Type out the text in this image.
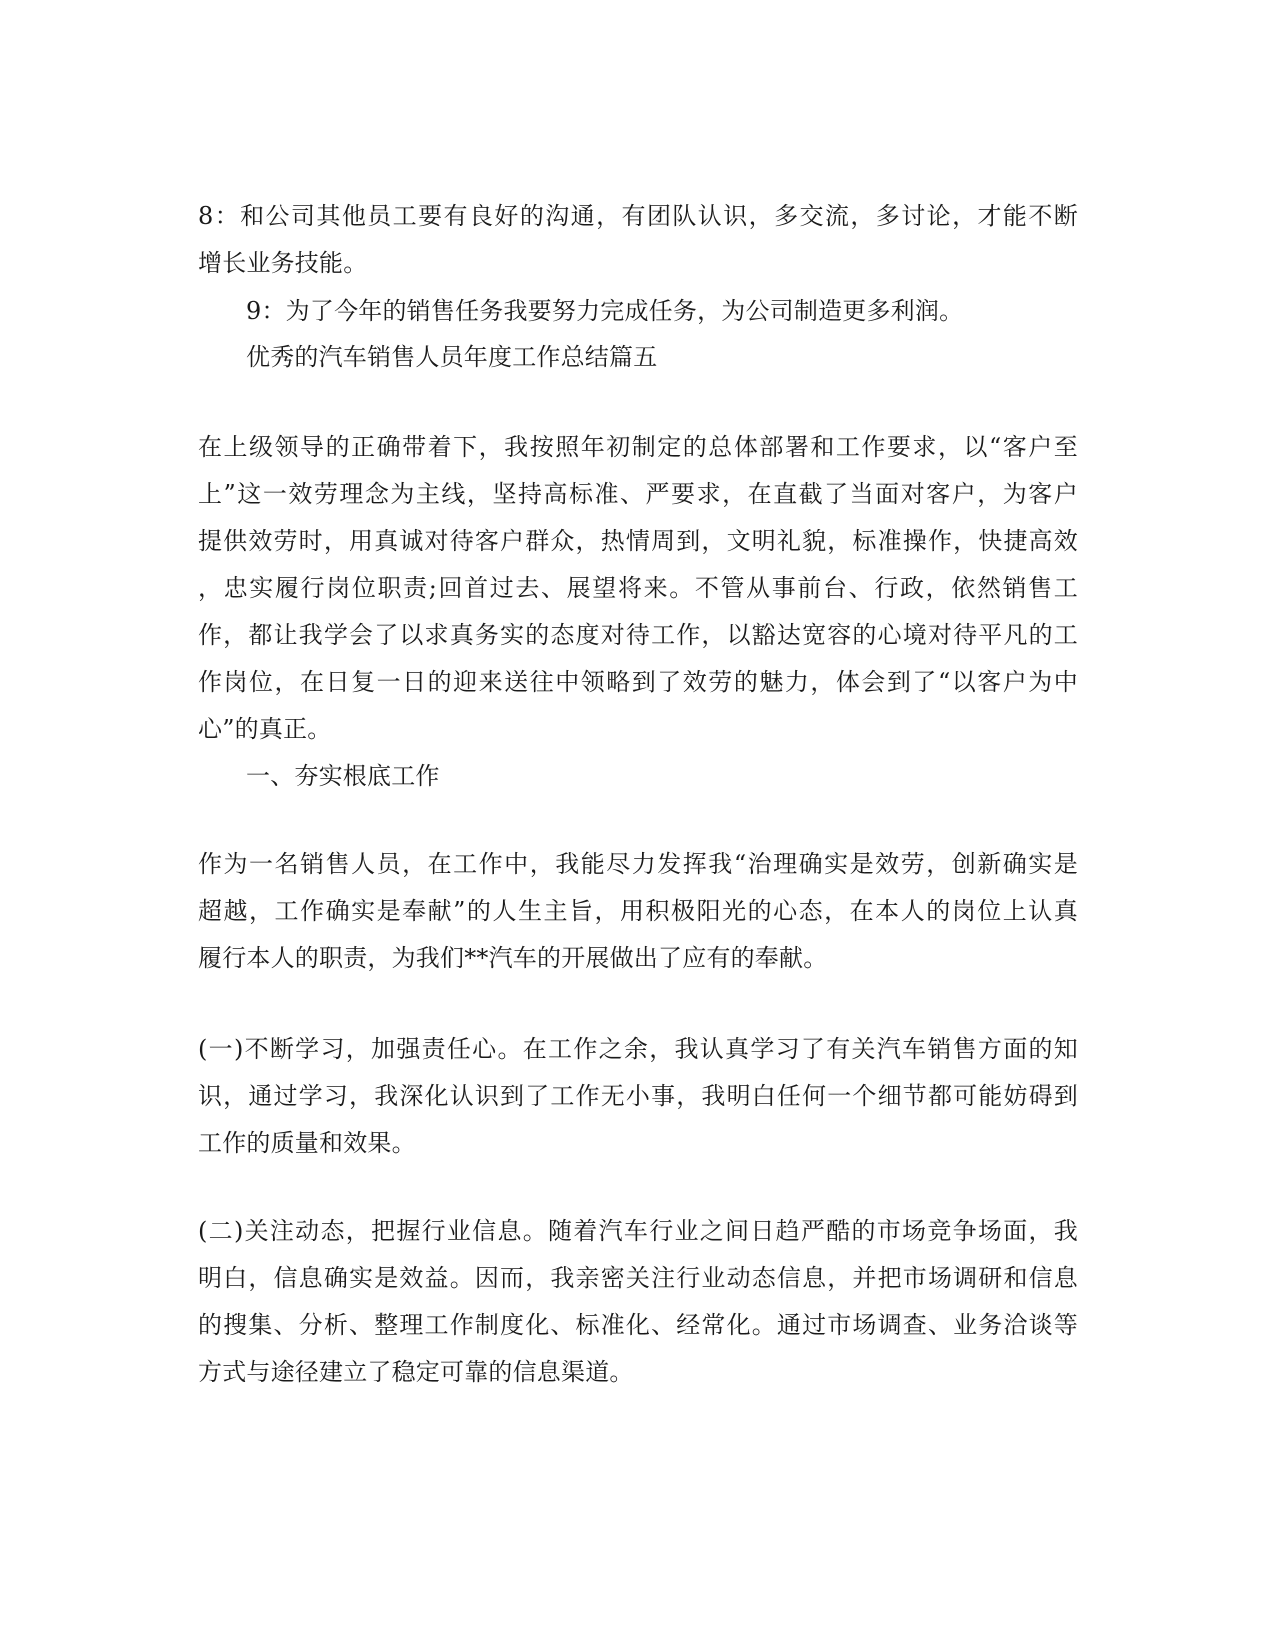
8：和公司其他员工要有良好的沟通，有团队认识，多交流，多讨论，才能不断
增长业务技能。
9：为了今年的销售任务我要努力完成任务，为公司制造更多利润。
优秀的汽车销售人员年度工作总结篇五
在上级领导的正确带着下，我按照年初制定的总体部署和工作要求，以“客户至
上”这一效劳理念为主线，坚持高标准、严要求，在直截了当面对客户，为客户
提供效劳时，用真诚对待客户群众，热情周到，文明礼貌，标准操作，快捷高效
，忠实履行岗位职责;回首过去、展望将来。不管从事前台、行政，依然销售工
作，都让我学会了以求真务实的态度对待工作，以豁达宽容的心境对待平凡的工
作岗位，在日复一日的迎来送往中领略到了效劳的魅力，体会到了“以客户为中
心”的真正。
一、夯实根底工作
作为一名销售人员，在工作中，我能尽力发挥我“治理确实是效劳，创新确实是
超越，工作确实是奉献”的人生主旨，用积极阳光的心态，在本人的岗位上认真
履行本人的职责，为我们**汽车的开展做出了应有的奉献。
(一)不断学习，加强责任心。在工作之余，我认真学习了有关汽车销售方面的知
识，通过学习，我深化认识到了工作无小事，我明白任何一个细节都可能妨碍到
工作的质量和效果。
(二)关注动态，把握行业信息。随着汽车行业之间日趋严酷的市场竞争场面，我
明白，信息确实是效益。因而，我亲密关注行业动态信息，并把市场调研和信息
的搜集、分析、整理工作制度化、标准化、经常化。通过市场调查、业务洽谈等
方式与途径建立了稳定可靠的信息渠道。
